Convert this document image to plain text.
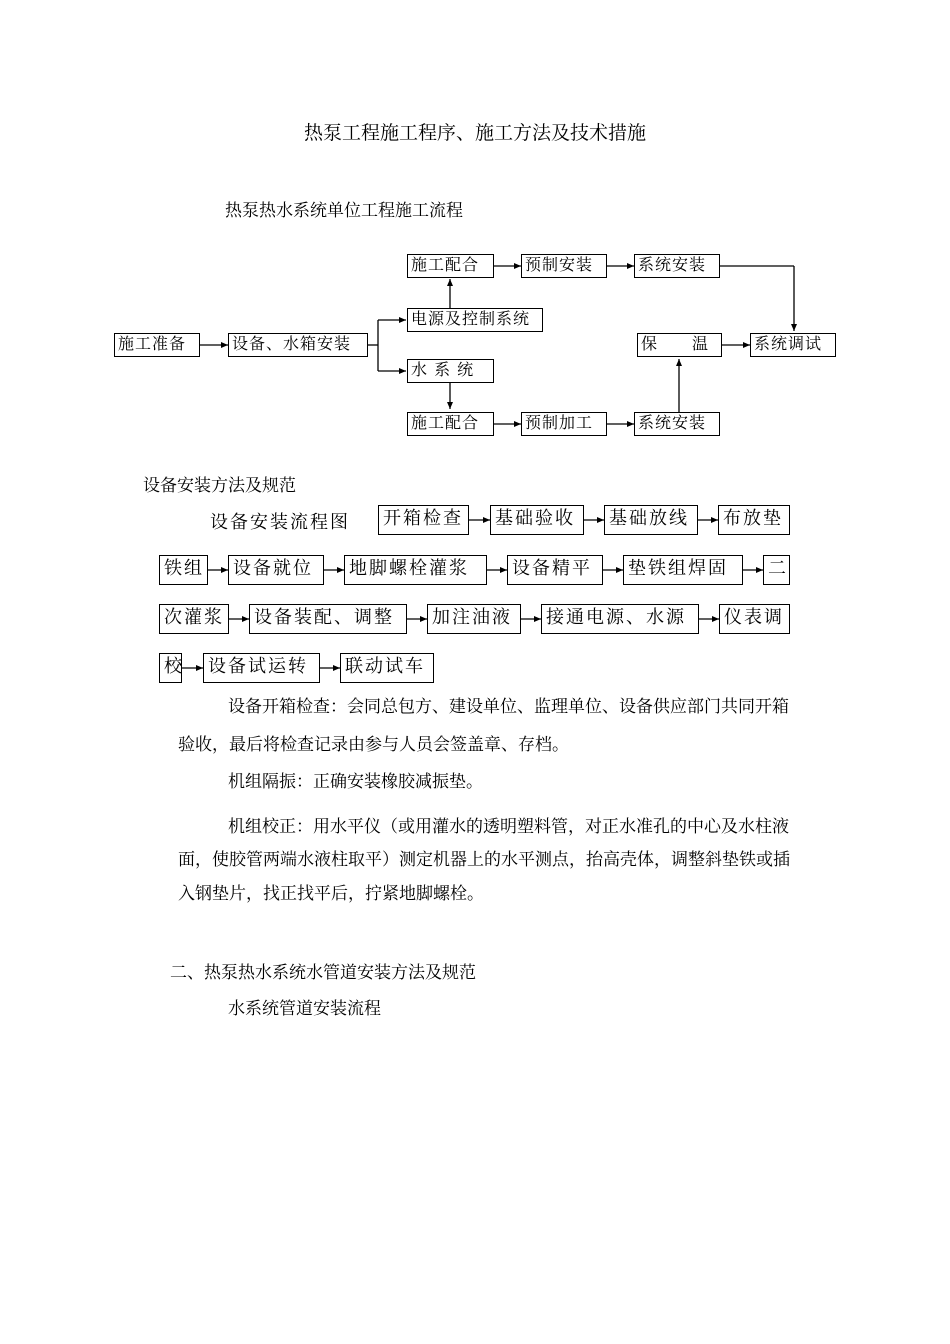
热泵工程施工程序、施工方法及技术措施
热泵热水系统单位工程施工流程
施工准备	设备、水箱安装
施工配合	预制安装	系统安装
电源及控制系统
水 系 统
施工配合	预制加工	系统安装
保　　温	系统调试
设备安装方法及规范
设备安装流程图 开箱检查	基础验收	基础放线	布放垫
铁组 设备就位	地脚螺栓灌浆	设备精平	垫铁组焊固	二
次灌浆 设备装配、调整	加注油液	接通电源、水源	仪表调
校 设备试运转	联动试车
设备开箱检查：会同总包方、建设单位、监理单位、设备供应部门共同开箱
验收，最后将检查记录由参与人员会签盖章、存档。
机组隔振：正确安装橡胶减振垫。
机组校正：用水平仪（或用灌水的透明塑料管，对正水准孔的中心及水柱液
面，使胶管两端水液柱取平）测定机器上的水平测点，抬高壳体，调整斜垫铁或插
入钢垫片，找正找平后，拧紧地脚螺栓。
二、热泵热水系统水管道安装方法及规范
水系统管道安装流程
